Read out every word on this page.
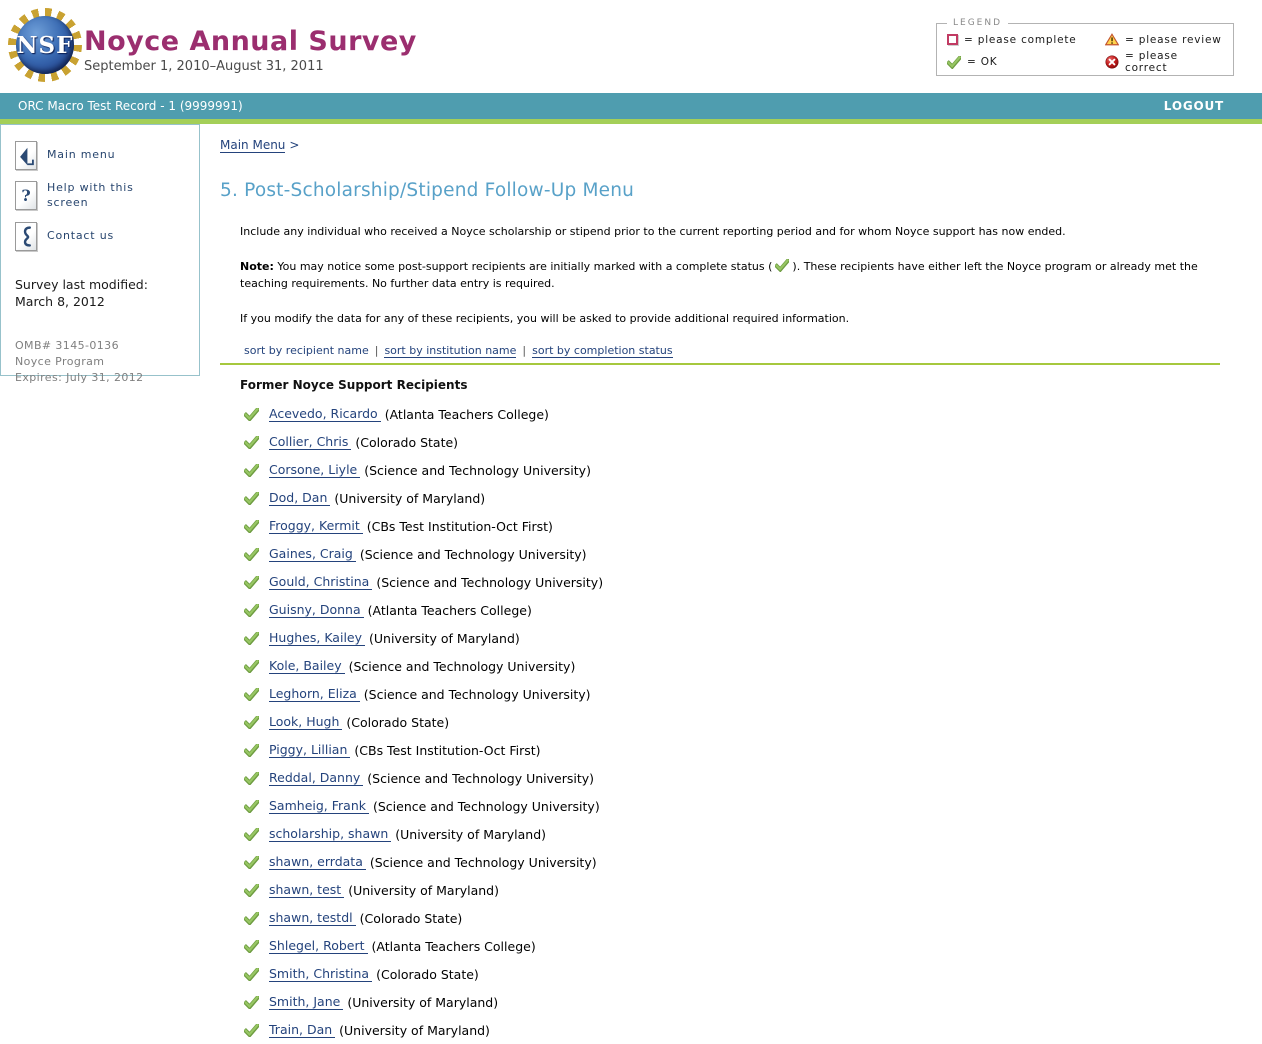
NSF Noyce Annual Survey
September 1, 2010–August 31, 2011
LEGEND
= please complete	= please review
= OK	= please correct
ORC Macro Test Record - 1 (9999991)	LOGOUT
Main menu
? Help with this screen
Contact us
Survey last modified:
March 8, 2012
OMB# 3145-0136
Noyce Program
Expires: July 31, 2012
Main Menu >
5. Post-Scholarship/Stipend Follow-Up Menu

Include any individual who received a Noyce scholarship or stipend prior to the current reporting period and for whom Noyce support has now ended.

Note: You may notice some post-support recipients are initially marked with a complete status ( ). These recipients have either left the Noyce program or already met the teaching requirements. No further data entry is required.

If you modify the data for any of these recipients, you will be asked to provide additional required information.

sort by recipient name | sort by institution name | sort by completion status
Former Noyce Support Recipients
Acevedo, Ricardo (Atlanta Teachers College)
Collier, Chris (Colorado State)
Corsone, Liyle (Science and Technology University)
Dod, Dan (University of Maryland)
Froggy, Kermit (CBs Test Institution-Oct First)
Gaines, Craig (Science and Technology University)
Gould, Christina (Science and Technology University)
Guisny, Donna (Atlanta Teachers College)
Hughes, Kailey (University of Maryland)
Kole, Bailey (Science and Technology University)
Leghorn, Eliza (Science and Technology University)
Look, Hugh (Colorado State)
Piggy, Lillian (CBs Test Institution-Oct First)
Reddal, Danny (Science and Technology University)
Samheig, Frank (Science and Technology University)
scholarship, shawn (University of Maryland)
shawn, errdata (Science and Technology University)
shawn, test (University of Maryland)
shawn, testdl (Colorado State)
Shlegel, Robert (Atlanta Teachers College)
Smith, Christina (Colorado State)
Smith, Jane (University of Maryland)
Train, Dan (University of Maryland)
